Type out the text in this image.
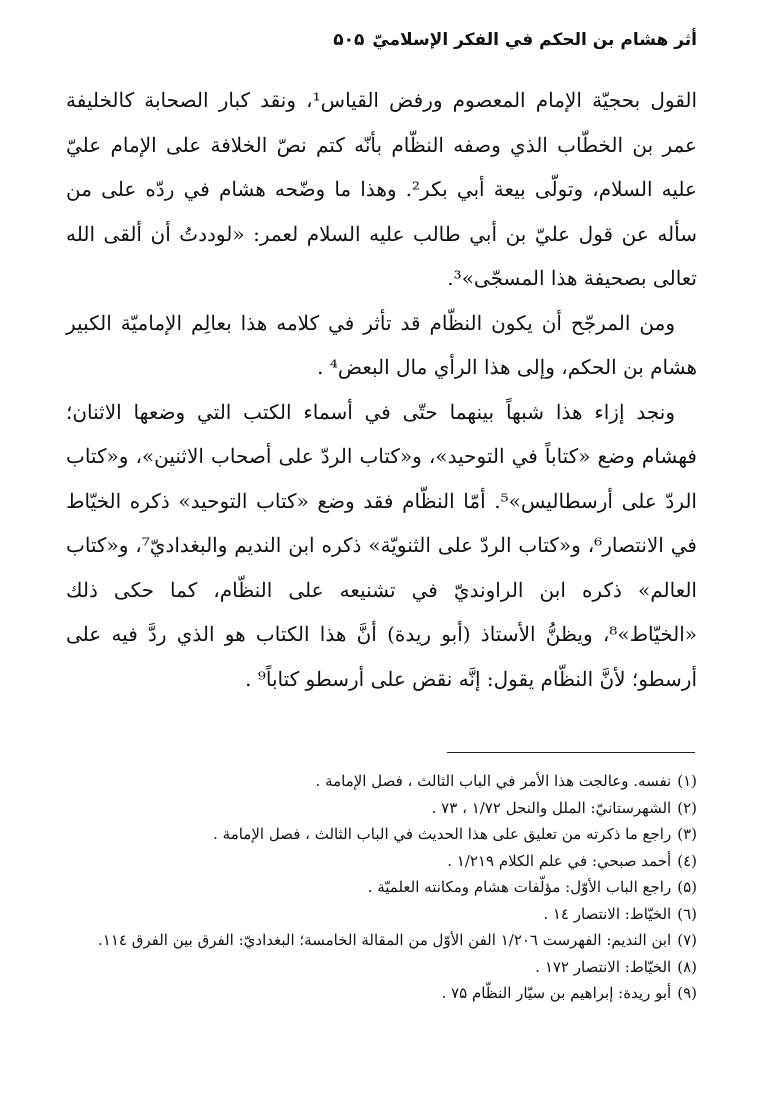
أثر هشام بن الحكم في الفكر الإسلاميّ
۵۰۵

القول بحجيّة الإمام المعصوم ورفض القياس¹، ونقد كبار الصحابة كالخليفة عمر بن الخطّاب الذي وصفه النظّام بأنّه كتم نصّ الخلافة على الإمام عليّ عليه السلام، وتولّى بيعة أبي بكر². وهذا ما وضّحه هشام في ردّه على من سأله عن قول عليّ بن أبي طالب عليه السلام لعمر: «لوددتُ أن ألقى الله تعالى بصحيفة هذا المسجّى»³.

ومن المرجّح أن يكون النظّام قد تأثر في كلامه هذا بعالِم الإماميّة الكبير هشام بن الحكم، وإلى هذا الرأي مال البعض⁴ .

ونجد إزاء هذا شبهاً بينهما حتّى في أسماء الكتب التي وضعها الاثنان؛ فهشام وضع «كتاباً في التوحيد»، و«كتاب الردّ على أصحاب الاثنين»، و«كتاب الردّ على أرسطاليس»⁵. أمّا النظّام فقد وضع «كتاب التوحيد» ذكره الخيّاط في الانتصار⁶، و«كتاب الردّ على الثنويّة» ذكره ابن النديم والبغداديّ⁷، و«كتاب العالم» ذكره ابن الراونديّ في تشنيعه على النظّام، كما حكى ذلك «الخيّاط»⁸، ويظنُّ الأستاذ (أبو ريدة) أنَّ هذا الكتاب هو الذي ردَّ فيه على أرسطو؛ لأنَّ النظّام يقول: إنَّه نقض على أرسطو كتاباً⁹ .

(۱)
نفسه. وعالجت هذا الأمر في الباب الثالث ، فصل الإمامة .
(۲)
الشهرستانيّ: الملل والنحل ۱/۷۲ ، ۷۳ .
(۳)
راجع ما ذكرته من تعليق على هذا الحديث في الباب الثالث ، فصل الإمامة .
(٤)
أحمد صبحي: في علم الكلام ۱/۲۱۹ .
(۵)
راجع الباب الأوّل: مؤلّفات هشام ومكانته العلميّة .
(٦)
الخيّاط: الانتصار ١٤ .
(۷)
ابن النديم: الفهرست ۱/۲۰٦ الفن الأوّل من المقالة الخامسة؛ البغداديّ: الفرق بين الفرق ١١٤.
(۸)
الخيّاط: الانتصار ۱۷۲ .
(۹)
أبو ريدة: إبراهيم بن سيّار النظّام ۷۵ .
